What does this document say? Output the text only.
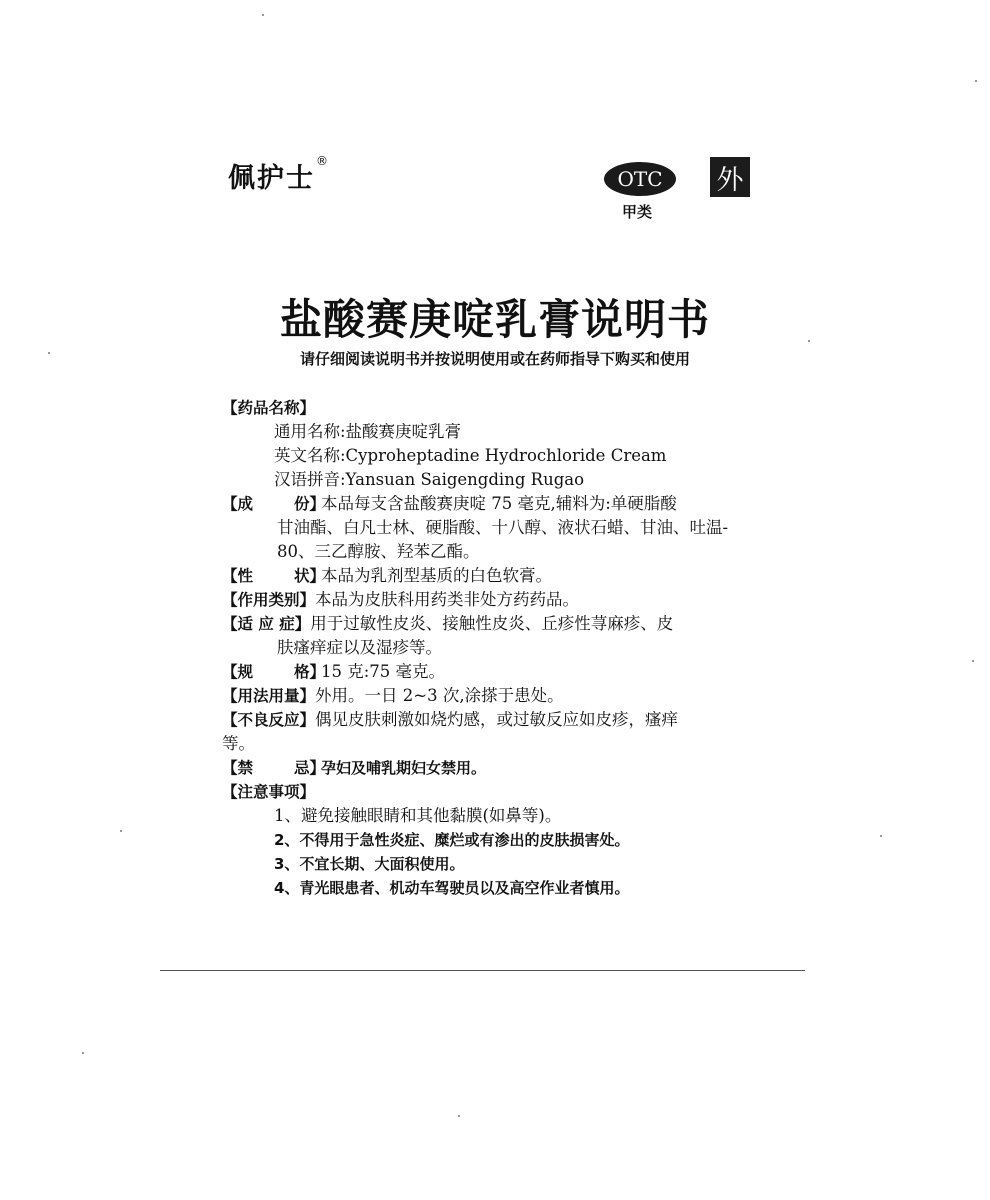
佩护士®
OTC
甲类
外
盐酸赛庚啶乳膏说明书
请仔细阅读说明书并按说明使用或在药师指导下购买和使用
【药品名称】
通用名称:盐酸赛庚啶乳膏
英文名称:Cyproheptadine Hydrochloride Cream
汉语拼音:Yansuan Saigengding Rugao
【 成	份 】本品每支含盐酸赛庚啶 75 毫克,辅料为:单硬脂酸
甘油酯、白凡士林、硬脂酸、十八醇、液状石蜡、甘油、吐温-
80、三乙醇胺、羟苯乙酯。
【 性	状 】本品为乳剂型基质的白色软膏。
【作用类别】本品为皮肤科用药类非处方药药品。
【适 应 症】用于过敏性皮炎、接触性皮炎、丘疹性荨麻疹、皮
肤瘙痒症以及湿疹等。
【 规	格 】15 克:75 毫克。
【用法用量】外用。一日 2~3 次,涂搽于患处。
【不良反应】偶见皮肤刺激如烧灼感，或过敏反应如皮疹，瘙痒
等。
【 禁	忌 】孕妇及哺乳期妇女禁用。
【注意事项】
1、避免接触眼睛和其他黏膜(如鼻等)。
2、不得用于急性炎症、糜烂或有渗出的皮肤损害处。
3、不宜长期、大面积使用。
4、青光眼患者、机动车驾驶员以及高空作业者慎用。
